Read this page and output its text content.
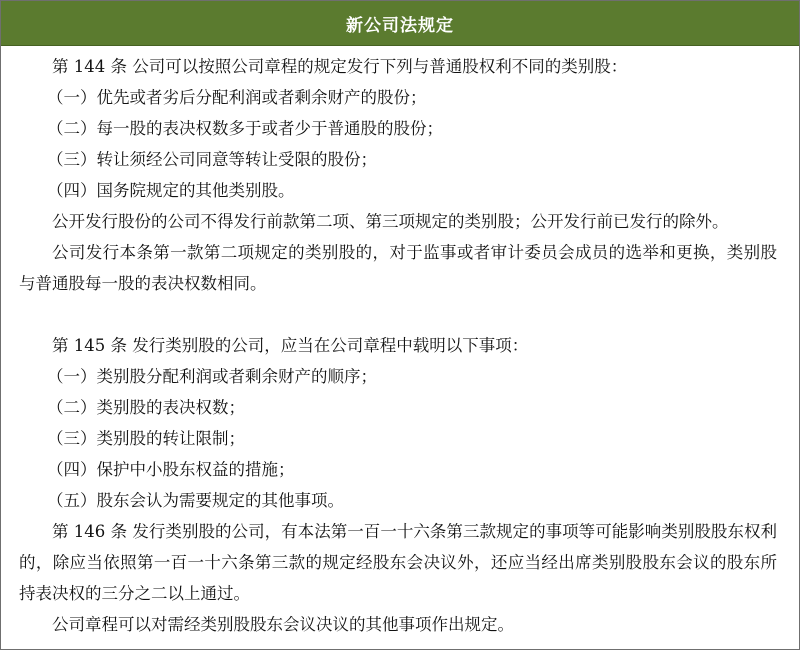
新公司法规定
第 144 条 公司可以按照公司章程的规定发行下列与普通股权利不同的类别股：
（一）优先或者劣后分配利润或者剩余财产的股份；
（二）每一股的表决权数多于或者少于普通股的股份；
（三）转让须经公司同意等转让受限的股份；
（四）国务院规定的其他类别股。
公开发行股份的公司不得发行前款第二项、第三项规定的类别股；公开发行前已发行的除外。
公司发行本条第一款第二项规定的类别股的，对于监事或者审计委员会成员的选举和更换，类别股与普通股每一股的表决权数相同。
第 145 条 发行类别股的公司，应当在公司章程中载明以下事项：
（一）类别股分配利润或者剩余财产的顺序；
（二）类别股的表决权数；
（三）类别股的转让限制；
（四）保护中小股东权益的措施；
（五）股东会认为需要规定的其他事项。
第 146 条 发行类别股的公司，有本法第一百一十六条第三款规定的事项等可能影响类别股股东权利的，除应当依照第一百一十六条第三款的规定经股东会决议外，还应当经出席类别股股东会议的股东所持表决权的三分之二以上通过。
公司章程可以对需经类别股股东会议决议的其他事项作出规定。
